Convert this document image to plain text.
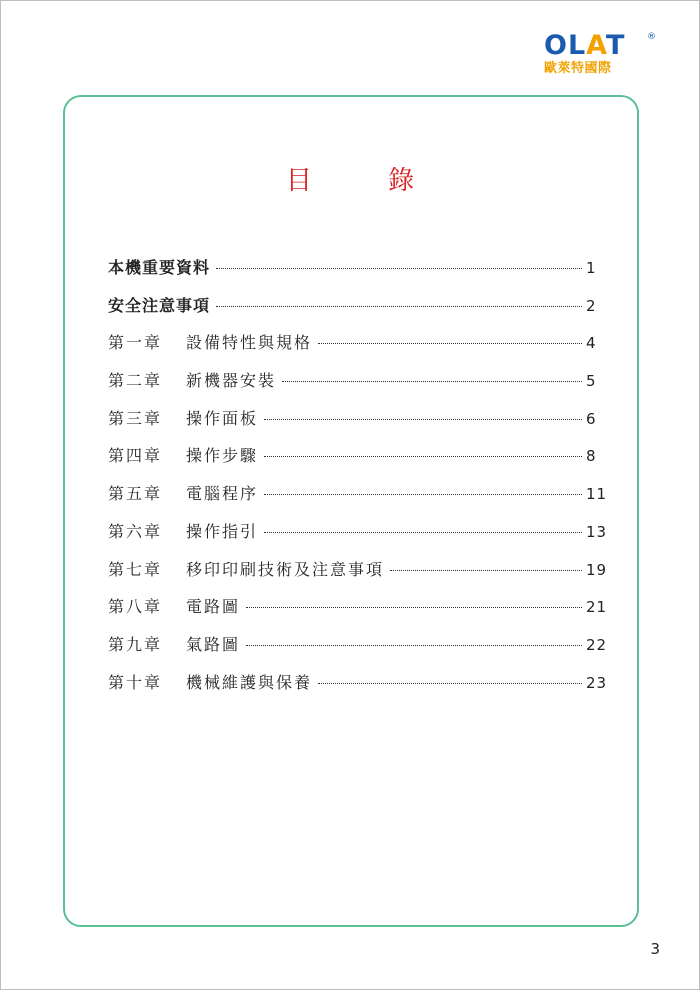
OLAT	®
歐萊特國際
目 錄
本機重要資料	1
安全注意事項	2
第一章	設備特性與規格	4
第二章	新機器安裝	5
第三章	操作面板	6
第四章	操作步驟	8
第五章	電腦程序	11
第六章	操作指引	13
第七章	移印印刷技術及注意事項	19
第八章	電路圖	21
第九章	氣路圖	22
第十章	機械維護與保養	23
3
